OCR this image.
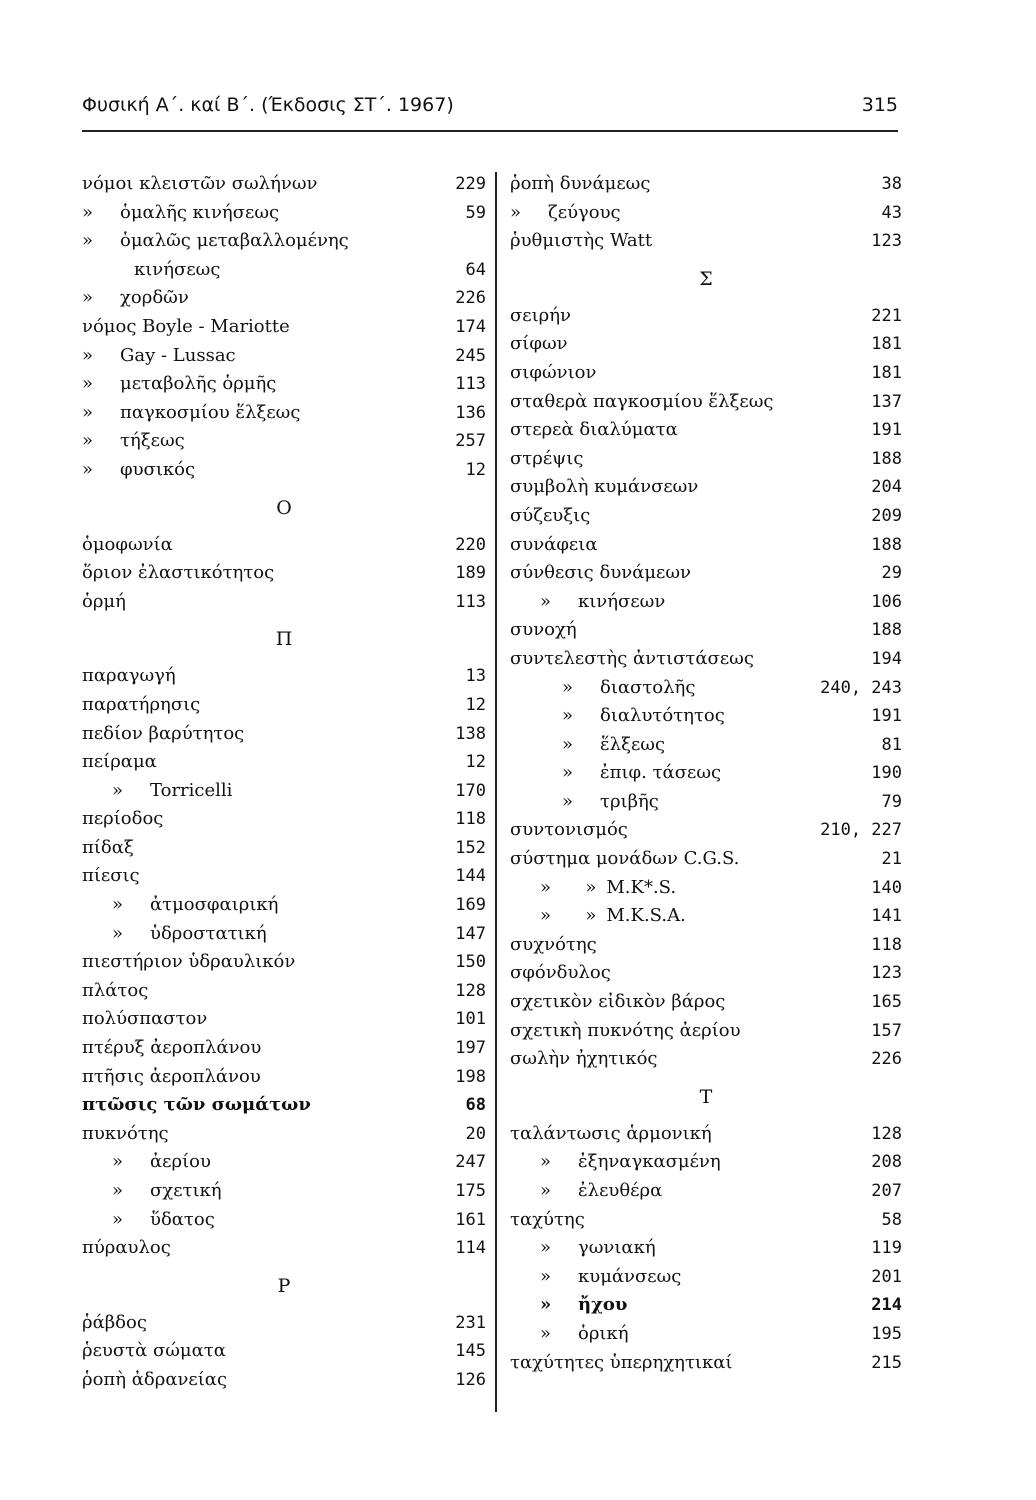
Φυσική Α΄. καί Β΄. (Έκδοσις ΣΤ΄. 1967)	315
νόμοι κλειστῶν σωλήνων	229
»	ὁμαλῆς κινήσεως	59
»	ὁμαλῶς μεταβαλλομένης
κινήσεως	64
»	χορδῶν	226
νόμος Boyle - Mariotte	174
»	Gay - Lussac	245
»	μεταβολῆς ὁρμῆς	113
»	παγκοσμίου ἕλξεως	136
»	τήξεως	257
»	φυσικός	12
Ο
ὁμοφωνία	220
ὅριον ἐλαστικότητος	189
ὁρμή	113
Π
παραγωγή	13
παρατήρησις	12
πεδίον βαρύτητος	138
πείραμα	12
»	Torricelli	170
περίοδος	118
πίδαξ	152
πίεσις	144
»	ἀτμοσφαιρική	169
»	ὑδροστατική	147
πιεστήριον ὑδραυλικόν	150
πλάτος	128
πολύσπαστον	101
πτέρυξ ἀεροπλάνου	197
πτῆσις ἀεροπλάνου	198
πτῶσις τῶν σωμάτων	68
πυκνότης	20
»	ἀερίου	247
»	σχετική	175
»	ὕδατος	161
πύραυλος	114
Ρ
ῥάβδος	231
ῥευστὰ σώματα	145
ῥοπὴ ἀδρανείας	126
ῥοπὴ δυνάμεως	38
»	ζεύγους	43
ῥυθμιστὴς Watt	123
Σ
σειρήν	221
σίφων	181
σιφώνιον	181
σταθερὰ παγκοσμίου ἕλξεως	137
στερεὰ διαλύματα	191
στρέψις	188
συμβολὴ κυμάνσεων	204
σύζευξις	209
συνάφεια	188
σύνθεσις δυνάμεων	29
»	κινήσεων	106
συνοχή	188
συντελεστὴς ἀντιστάσεως	194
»	διαστολῆς	240, 243
»	διαλυτότητος	191
»	ἕλξεως	81
»	ἐπιφ. τάσεως	190
»	τριβῆς	79
συντονισμός	210, 227
σύστημα μονάδων C.G.S.	21
»      » M.K*.S.	140
»      » M.K.S.A.	141
συχνότης	118
σφόνδυλος	123
σχετικὸν εἰδικὸν βάρος	165
σχετικὴ πυκνότης ἀερίου	157
σωλὴν ἠχητικός	226
Τ
ταλάντωσις ἁρμονική	128
»	ἐξηναγκασμένη	208
»	ἐλευθέρα	207
ταχύτης	58
»	γωνιακή	119
»	κυμάνσεως	201
»	ἤχου	214
»	ὁρική	195
ταχύτητες ὑπερηχητικαί	215
